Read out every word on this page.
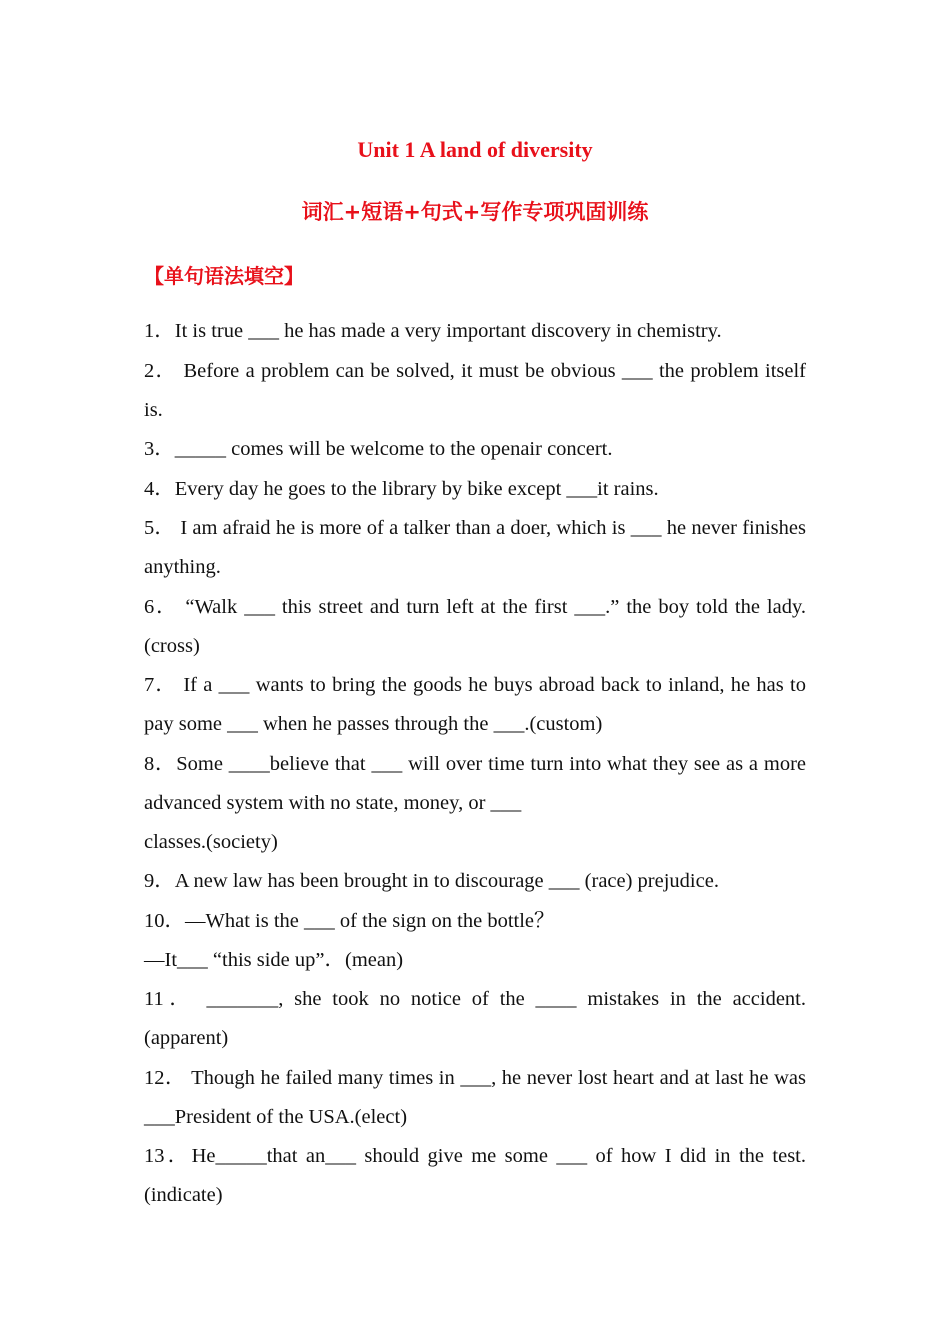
Unit 1 A land of diversity
词汇+短语+句式+写作专项巩固训练
【单句语法填空】

1．It is true ___ he has made a very important discovery in chemistry.

2． Before a problem can be solved, it must be obvious ___ the problem itself is.

3．_____ comes will be welcome to the openair concert.

4．Every day he goes to the library by bike except ___it rains.

5． I am afraid he is more of a talker than a doer, which is ___ he never finishes anything.

6． “Walk ___ this street and turn left at the first ___.” the boy told the lady.(cross)

7． If a ___ wants to bring the goods he buys abroad back to inland, he has to pay some ___ when he passes through the ___.(custom)

8．Some ____believe that ___ will over time turn into what they see as a more advanced system with no state, money, or ___
classes.(society)

9．A new law has been brought in to discourage ___ (race) prejudice.

10．—What is the ___ of the sign on the bottle？
—It___ “this side up”．(mean)

11． _______, she took no notice of the ____ mistakes in the accident. (apparent)

12． Though he failed many times in ___, he never lost heart and at last he was ___President of the USA.(elect)

13．He_____that an___ should give me some ___ of how I did in the test. (indicate)
